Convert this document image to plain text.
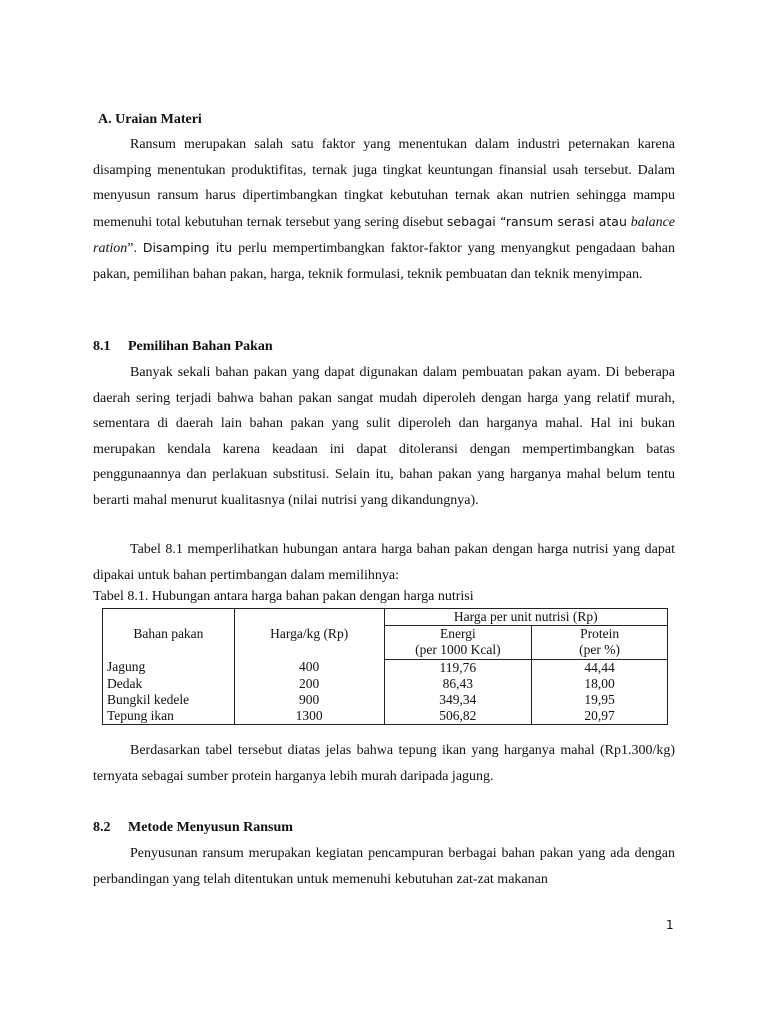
A. Uraian Materi

Ransum merupakan salah satu faktor yang menentukan dalam industri peternakan karena disamping menentukan produktifitas, ternak juga tingkat keuntungan finansial usah tersebut. Dalam menyusun ransum harus dipertimbangkan tingkat kebutuhan ternak akan nutrien sehingga mampu memenuhi total kebutuhan ternak tersebut yang sering disebut sebagai “ransum serasi atau balance ration”. Disamping itu perlu mempertimbangkan faktor-faktor yang menyangkut pengadaan bahan pakan, pemilihan bahan pakan, harga, teknik formulasi, teknik pembuatan dan teknik menyimpan.

8.1     Pemilihan Bahan Pakan

Banyak sekali bahan pakan yang dapat digunakan dalam pembuatan pakan ayam. Di beberapa daerah sering terjadi bahwa bahan pakan sangat mudah diperoleh dengan harga yang relatif murah, sementara di daerah lain bahan pakan yang sulit diperoleh dan harganya mahal. Hal ini bukan merupakan kendala karena keadaan ini dapat ditoleransi dengan mempertimbangkan batas penggunaannya dan perlakuan substitusi. Selain itu, bahan pakan yang harganya mahal belum tentu berarti mahal menurut kualitasnya (nilai nutrisi yang dikandungnya).

Tabel 8.1 memperlihatkan hubungan antara harga bahan pakan dengan harga nutrisi yang dapat dipakai untuk bahan pertimbangan dalam memilihnya:

Tabel 8.1. Hubungan antara harga bahan pakan dengan harga nutrisi
Bahan pakan	Harga/kg (Rp)	Harga per unit nutrisi (Rp)	
		Energi	Protein
		(per 1000 Kcal)	(per %)
Jagung	400	119,76	44,44
Dedak	200	86,43	18,00
Bungkil kedele	900	349,34	19,95
Tepung ikan	1300	506,82	20,97

Berdasarkan tabel tersebut diatas jelas bahwa tepung ikan yang harganya mahal (Rp1.300/kg) ternyata sebagai sumber protein harganya lebih murah daripada jagung.

8.2     Metode Menyusun Ransum

Penyusunan ransum merupakan kegiatan pencampuran berbagai bahan pakan yang ada dengan perbandingan yang telah ditentukan untuk memenuhi kebutuhan zat-zat makanan

1
